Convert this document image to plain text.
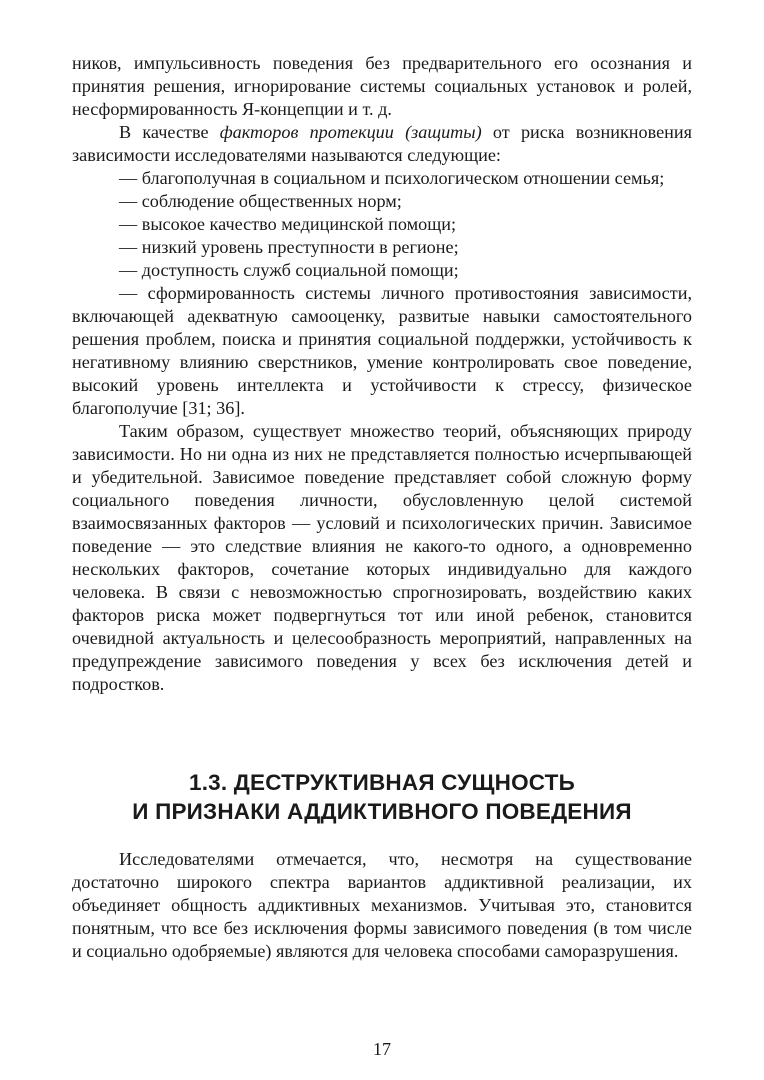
ников, импульсивность поведения без предварительного его осознания и принятия решения, игнорирование системы социальных установок и ролей, несформированность Я-концепции и т. д.

В качестве факторов протекции (защиты) от риска возникновения зависимости исследователями называются следующие:

— благополучная в социальном и психологическом отношении семья;

— соблюдение общественных норм;

— высокое качество медицинской помощи;

— низкий уровень преступности в регионе;

— доступность служб социальной помощи;

— сформированность системы личного противостояния зависимости, включающей адекватную самооценку, развитые навыки самостоятельного решения проблем, поиска и принятия социальной поддержки, устойчивость к негативному влиянию сверстников, умение контролировать свое поведение, высокий уровень интеллекта и устойчивости к стрессу, физическое благополучие [31; 36].

Таким образом, существует множество теорий, объясняющих природу зависимости. Но ни одна из них не представляется полностью исчерпывающей и убедительной. Зависимое поведение представляет собой сложную форму социального поведения личности, обусловленную целой системой взаимосвязанных факторов — условий и психологических причин. Зависимое поведение — это следствие влияния не какого-то одного, а одновременно нескольких факторов, сочетание которых индивидуально для каждого человека. В связи с невозможностью спрогнозировать, воздействию каких факторов риска может подвергнуться тот или иной ребенок, становится очевидной актуальность и целесообразность мероприятий, направленных на предупреждение зависимого поведения у всех без исключения детей и подростков.

1.3. ДЕСТРУКТИВНАЯ СУЩНОСТЬ
И ПРИЗНАКИ АДДИКТИВНОГО ПОВЕДЕНИЯ

Исследователями отмечается, что, несмотря на существование достаточно широкого спектра вариантов аддиктивной реализации, их объединяет общность аддиктивных механизмов. Учитывая это, становится понятным, что все без исключения формы зависимого поведения (в том числе и социально одобряемые) являются для человека способами саморазрушения.

17
